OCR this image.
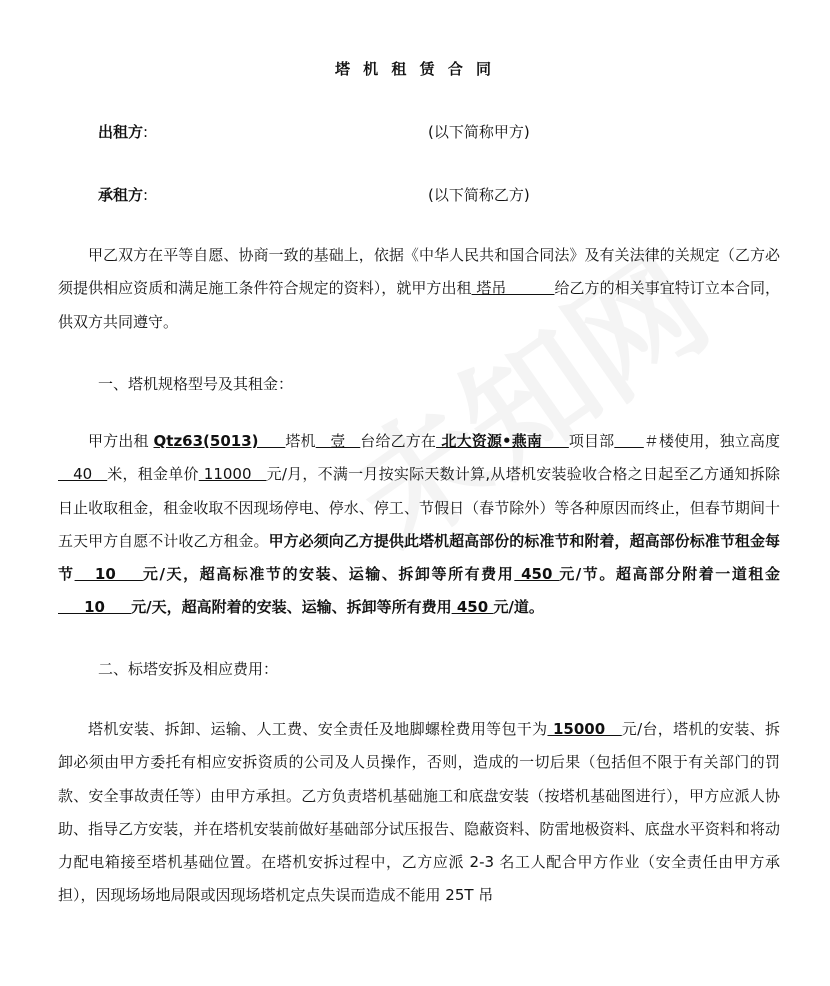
塔 机 租 赁 合 同
出租方:	(以下简称甲方)
承租方:	(以下简称乙方)
甲乙双方在平等自愿、协商一致的基础上，依据《中华人民共和国合同法》及有关法律的关规定（乙方必须提供相应资质和满足施工条件符合规定的资料），就甲方出租 塔吊          给乙方的相关事宜特订立本合同，供双方共同遵守。
一、塔机规格型号及其租金：
甲方出租 Qtz63(5013)     塔机   壹   台给乙方在 北大资源•燕南     项目部 ＃楼使用，独立高度   40   米，租金单价 11000   元/月，不满一月按实际天数计算,从塔机安装验收合格之日起至乙方通知拆除日止收取租金，租金收取不因现场停电、停水、停工、节假日（春节除外）等各种原因而终止，但春节期间十五天甲方自愿不计收乙方租金。甲方必须向乙方提供此塔机超高部份的标准节和附着，超高部份标准节租金每节   10    元/天，超高标准节的安装、运输、拆卸等所有费用 450 元/节。超高部分附着一道租金     10     元/天，超高附着的安装、运输、拆卸等所有费用 450 元/道。
二、标塔安拆及相应费用：
塔机安装、拆卸、运输、人工费、安全责任及地脚螺栓费用等包干为 15000   元/台，塔机的安装、拆卸必须由甲方委托有相应安拆资质的公司及人员操作，否则，造成的一切后果（包括但不限于有关部门的罚款、安全事故责任等）由甲方承担。乙方负责塔机基础施工和底盘安装（按塔机基础图进行），甲方应派人协助、指导乙方安装，并在塔机安装前做好基础部分试压报告、隐蔽资料、防雷地极资料、底盘水平资料和将动力配电箱接至塔机基础位置。在塔机安拆过程中，乙方应派 2-3 名工人配合甲方作业（安全责任由甲方承担），因现场场地局限或因现场塔机定点失误而造成不能用 25T 吊
